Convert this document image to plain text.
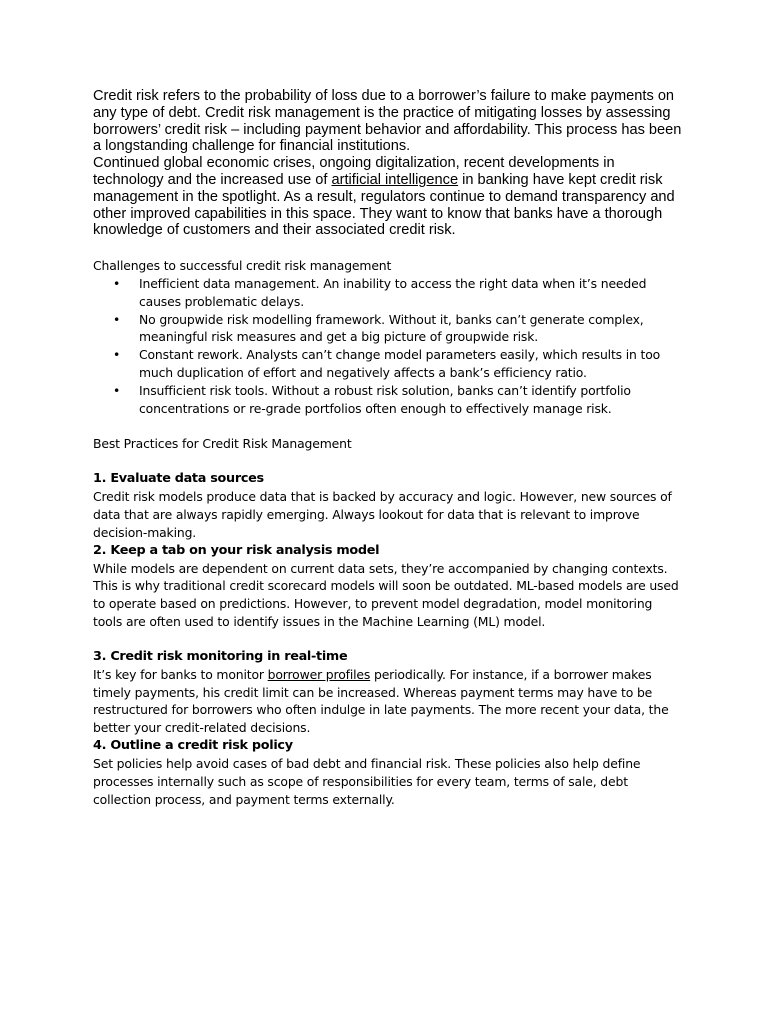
Credit risk refers to the probability of loss due to a borrower’s failure to make payments on any type of debt. Credit risk management is the practice of mitigating losses by assessing borrowers’ credit risk – including payment behavior and affordability. This process has been a longstanding challenge for financial institutions.

Continued global economic crises, ongoing digitalization, recent developments in technology and the increased use of artificial intelligence in banking have kept credit risk management in the spotlight. As a result, regulators continue to demand transparency and other improved capabilities in this space. They want to know that banks have a thorough knowledge of customers and their associated credit risk.

Challenges to successful credit risk management
• Inefficient data management. An inability to access the right data when it’s needed causes problematic delays.
• No groupwide risk modelling framework. Without it, banks can’t generate complex, meaningful risk measures and get a big picture of groupwide risk.
• Constant rework. Analysts can’t change model parameters easily, which results in too much duplication of effort and negatively affects a bank’s efficiency ratio.
• Insufficient risk tools. Without a robust risk solution, banks can’t identify portfolio concentrations or re-grade portfolios often enough to effectively manage risk.
Best Practices for Credit Risk Management
1. Evaluate data sources
Credit risk models produce data that is backed by accuracy and logic. However, new sources of data that are always rapidly emerging. Always lookout for data that is relevant to improve decision-making.
2. Keep a tab on your risk analysis model
While models are dependent on current data sets, they’re accompanied by changing contexts. This is why traditional credit scorecard models will soon be outdated. ML-based models are used to operate based on predictions. However, to prevent model degradation, model monitoring tools are often used to identify issues in the Machine Learning (ML) model.
3. Credit risk monitoring in real-time
It’s key for banks to monitor borrower profiles periodically. For instance, if a borrower makes timely payments, his credit limit can be increased. Whereas payment terms may have to be restructured for borrowers who often indulge in late payments. The more recent your data, the better your credit-related decisions.
4. Outline a credit risk policy
Set policies help avoid cases of bad debt and financial risk. These policies also help define processes internally such as scope of responsibilities for every team, terms of sale, debt collection process, and payment terms externally.
